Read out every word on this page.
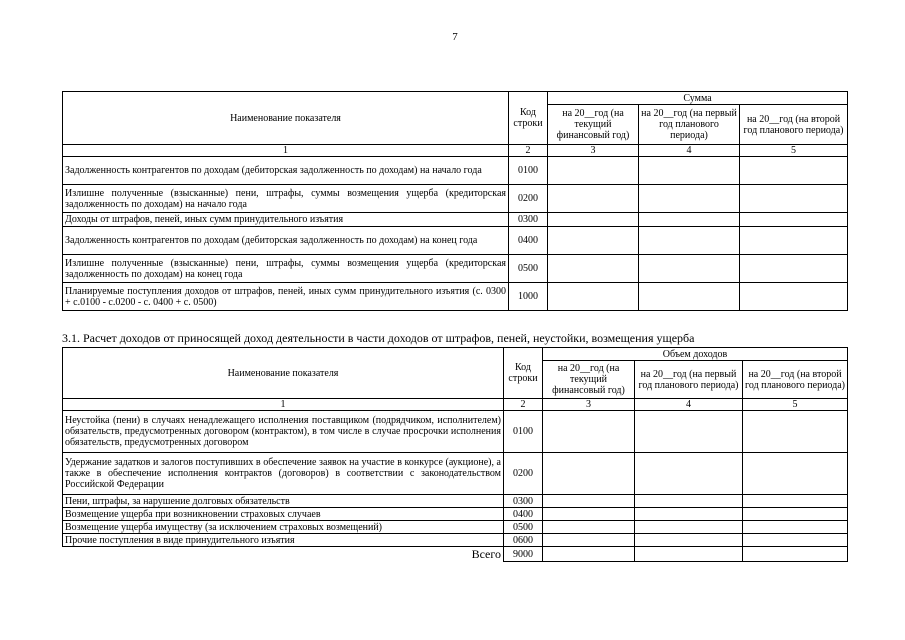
7
Наименование показателя	Код строки	Сумма		
		на 20__год (на текущий финансовый год)	на 20__год (на первый год планового периода)	на 20__год (на второй год планового периода)
1	2	3	4	5
Задолженность контрагентов по доходам (дебиторская задолженность по доходам) на начало года	0100			
Излишне полученные (взысканные) пени, штрафы, суммы возмещения ущерба (кредиторская задолженность по доходам) на начало года	0200			
Доходы от штрафов, пеней, иных сумм принудительного изъятия	0300			
Задолженность контрагентов по доходам (дебиторская задолженность по доходам) на конец года	0400			
Излишне полученные (взысканные) пени, штрафы, суммы возмещения ущерба (кредиторская задолженность по доходам) на конец года	0500			
Планируемые поступления доходов от штрафов, пеней, иных сумм принудительного изъятия (с. 0300 + с.0100 - с.0200 - с. 0400 + с. 0500)	1000			
3.1. Расчет доходов от приносящей доход деятельности в части доходов от штрафов, пеней, неустойки, возмещения ущерба
Наименование показателя	Код строки	Объем доходов		
		на 20__год (на текущий финансовый год)	на 20__год (на первый год планового периода)	на 20__год (на второй год планового периода)
1	2	3	4	5
Неустойка (пени) в случаях ненадлежащего исполнения поставщиком (подрядчиком, исполнителем) обязательств, предусмотренных договором (контрактом), в том числе в случае просрочки исполнения обязательств, предусмотренных договором	0100			
Удержание задатков и залогов поступивших в обеспечение заявок на участие в конкурсе (аукционе), а также в обеспечение исполнения контрактов (договоров) в соответствии с законодательством Российской Федерации	0200			
Пени, штрафы, за нарушение долговых обязательств	0300			
Возмещение ущерба при возникновении страховых случаев	0400			
Возмещение ущерба имуществу (за исключением страховых возмещений)	0500			
Прочие поступления в виде принудительного изъятия	0600			
Всего	9000			
